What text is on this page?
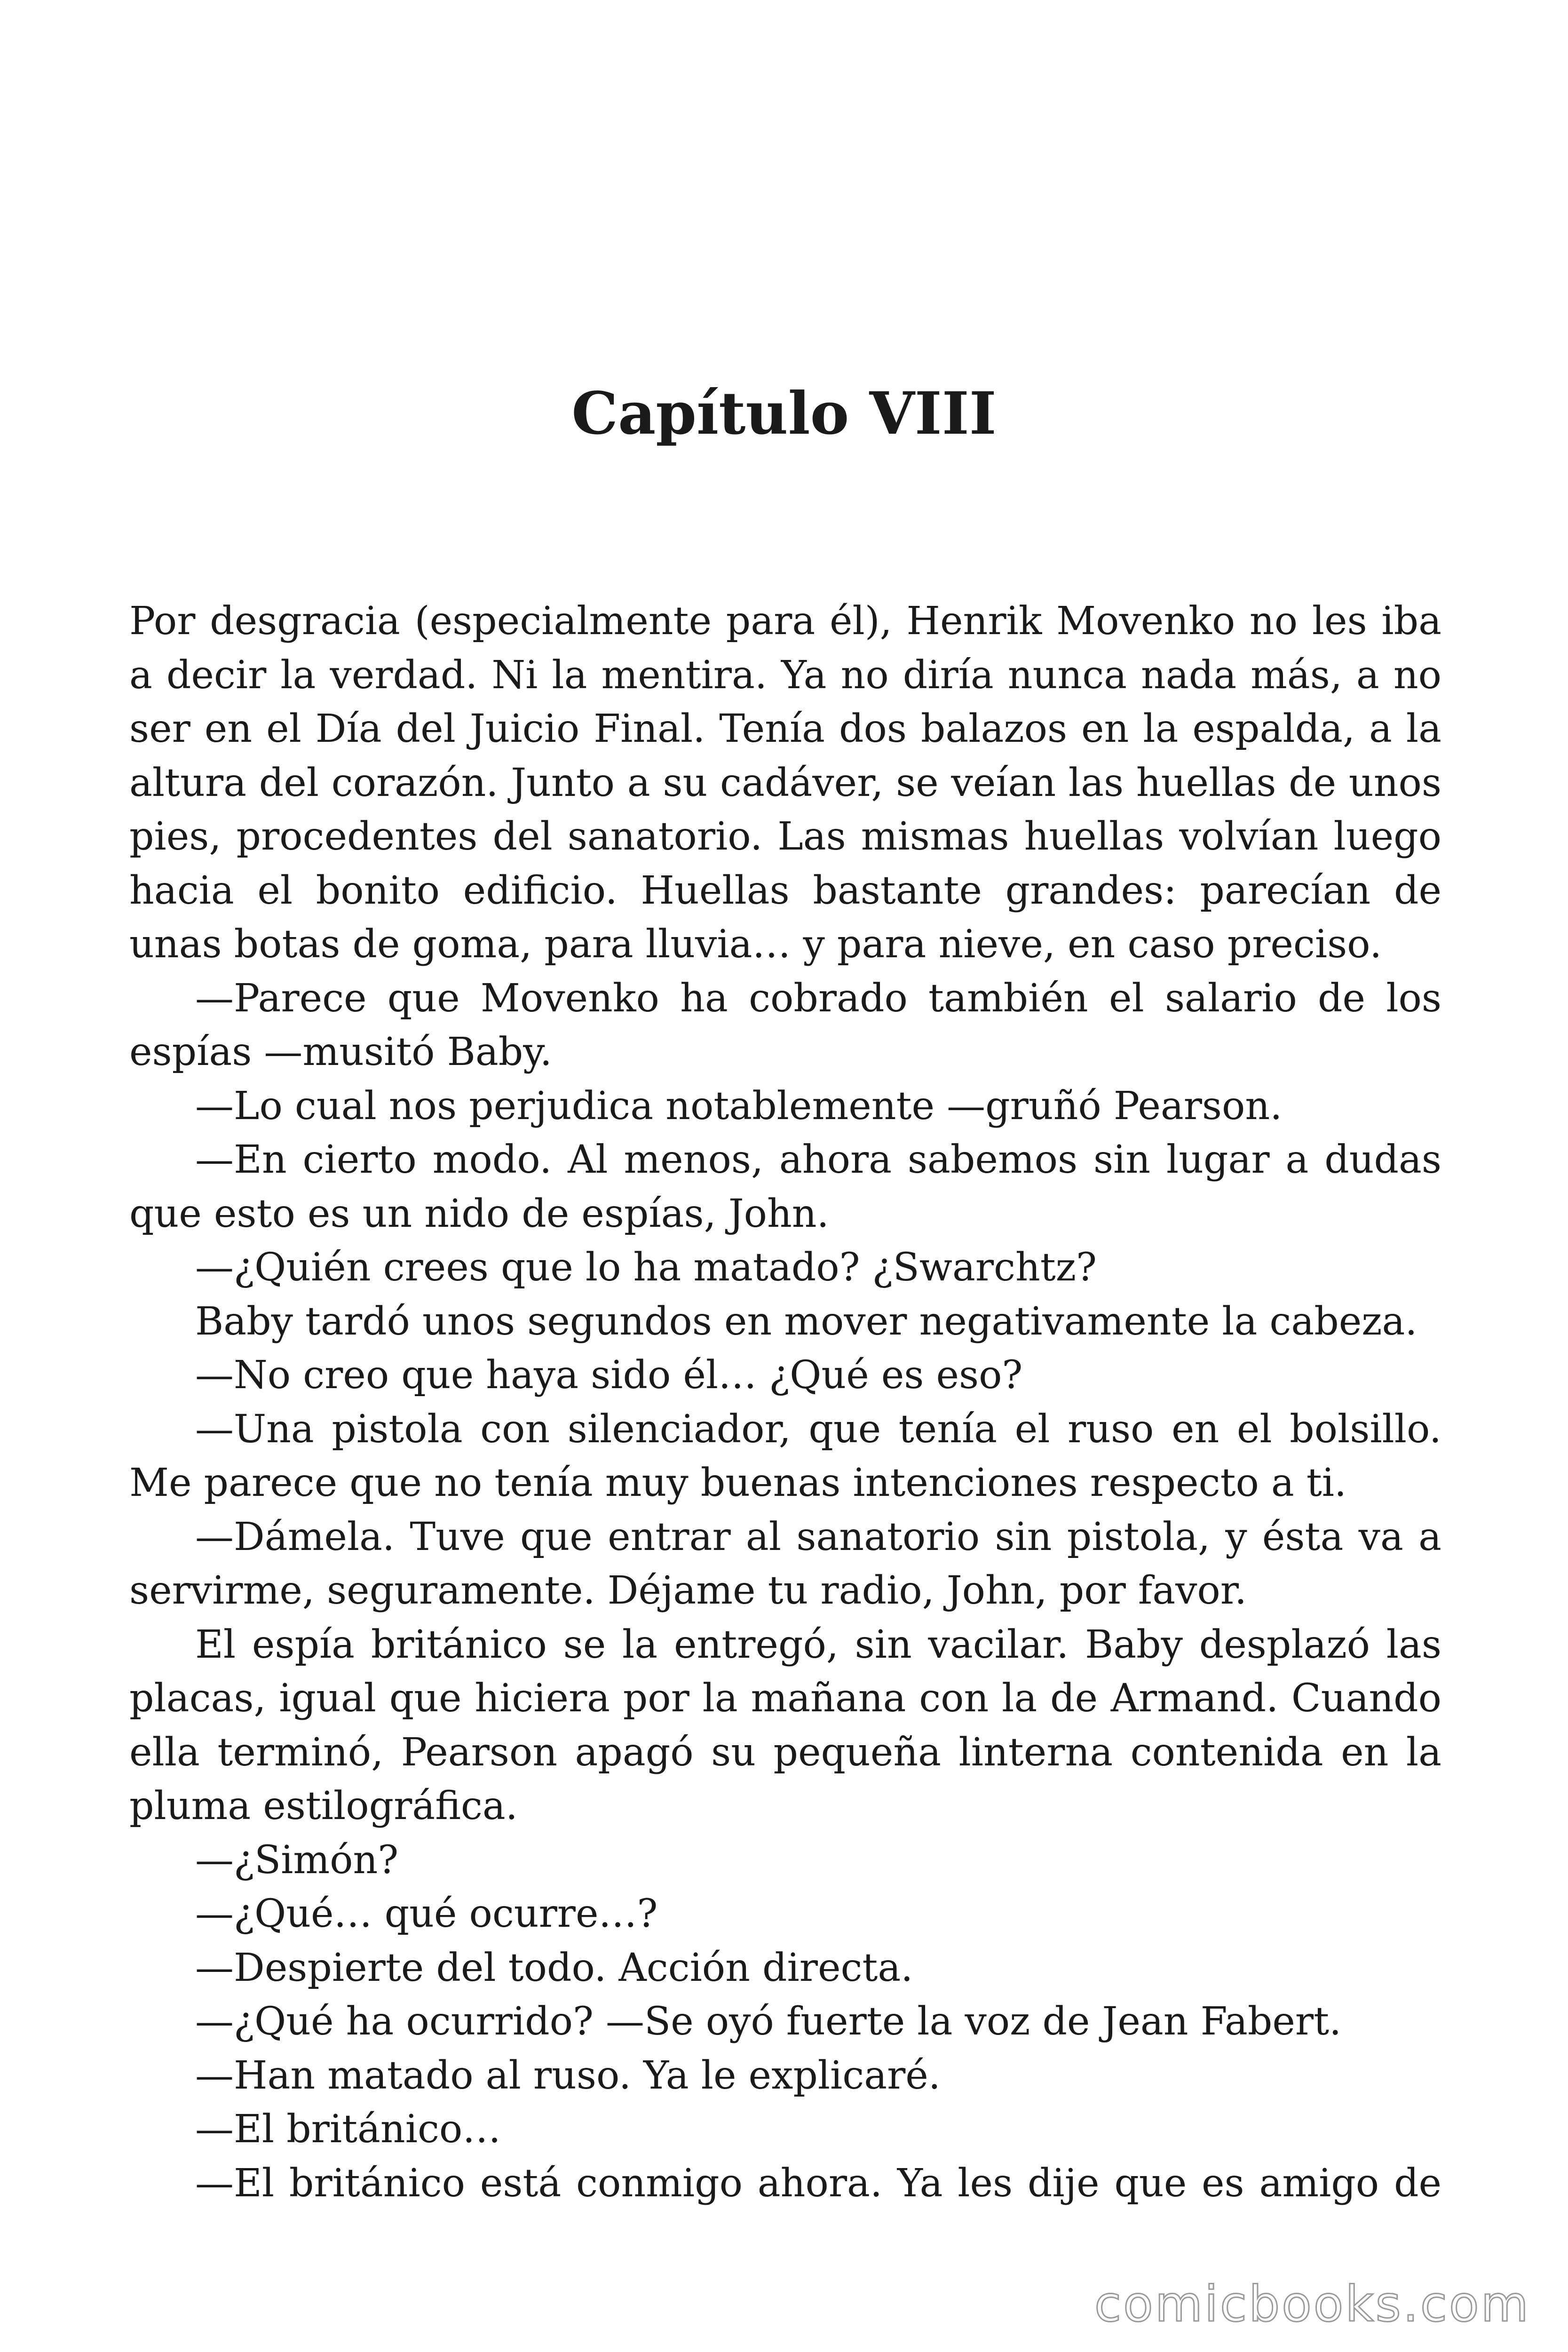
Capítulo VIII

Por desgracia (especialmente para él), Henrik Movenko no les iba a decir la verdad. Ni la mentira. Ya no diría nunca nada más, a no ser en el Día del Juicio Final. Tenía dos balazos en la espalda, a la altura del corazón. Junto a su cadáver, se veían las huellas de unos pies, procedentes del sanatorio. Las mismas huellas volvían luego hacia el bonito edificio. Huellas bastante grandes: parecían de unas botas de goma, para lluvia… y para nieve, en caso preciso.

—Parece que Movenko ha cobrado también el salario de los espías —musitó Baby.

—Lo cual nos perjudica notablemente —gruñó Pearson.

—En cierto modo. Al menos, ahora sabemos sin lugar a dudas que esto es un nido de espías, John.

—¿Quién crees que lo ha matado? ¿Swarchtz?

Baby tardó unos segundos en mover negativamente la cabeza.

—No creo que haya sido él… ¿Qué es eso?

—Una pistola con silenciador, que tenía el ruso en el bolsillo. Me parece que no tenía muy buenas intenciones respecto a ti.

—Dámela. Tuve que entrar al sanatorio sin pistola, y ésta va a servirme, seguramente. Déjame tu radio, John, por favor.

El espía británico se la entregó, sin vacilar. Baby desplazó las placas, igual que hiciera por la mañana con la de Armand. Cuando ella terminó, Pearson apagó su pequeña linterna contenida en la pluma estilográfica.

—¿Simón?

—¿Qué… qué ocurre…?

—Despierte del todo. Acción directa.

—¿Qué ha ocurrido? —Se oyó fuerte la voz de Jean Fabert.

—Han matado al ruso. Ya le explicaré.

—El británico…

—El británico está conmigo ahora. Ya les dije que es amigo de

comicbooks.com
